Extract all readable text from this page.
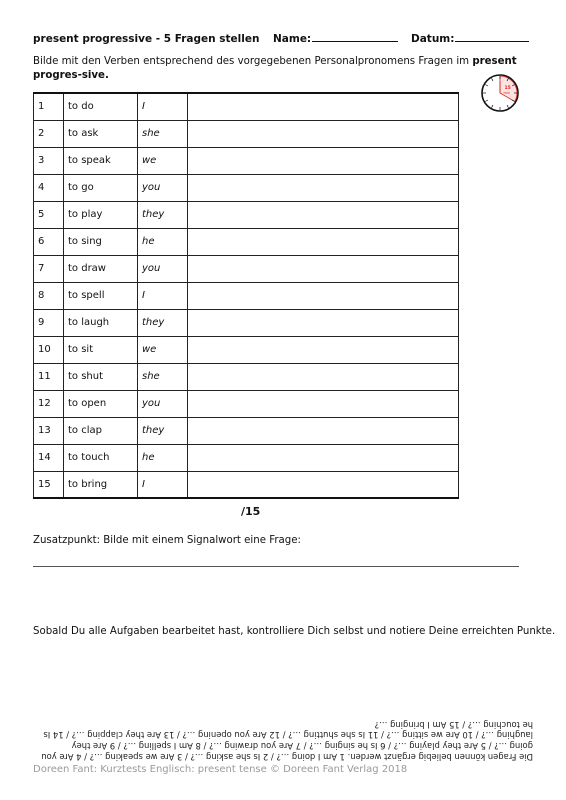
present progressive - 5 Fragen stellen Name:	Datum:
Bilde mit den Verben entsprechend des vorgegebenen Personalpronomens Fragen im present progres-sive.
15
min
1	to do	I	
2	to ask	she	
3	to speak	we	
4	to go	you	
5	to play	they	
6	to sing	he	
7	to draw	you	
8	to spell	I	
9	to laugh	they	
10	to sit	we	
11	to shut	she	
12	to open	you	
13	to clap	they	
14	to touch	he	
15	to bring	I	
/15
Zusatzpunkt: Bilde mit einem Signalwort eine Frage:
Sobald Du alle Aufgaben bearbeitet hast, kontrolliere Dich selbst und notiere Deine erreichten Punkte.
Die Fragen können beliebig ergänzt werden. 1 Am I doing …? / 2 Is she asking …? / 3 Are we speaking …? / 4 Are you going …? / 5 Are they playing …? / 6 Is he singing …? / 7 Are you drawing …? / 8 Am I spelling …? / 9 Are they laughing …? / 10 Are we sitting …? / 11 Is she shutting …? / 12 Are you opening …? / 13 Are they clapping …? / 14 Is he touching …? / 15 Am I bringing …?
Doreen Fant: Kurztests Englisch: present tense © Doreen Fant Verlag 2018
